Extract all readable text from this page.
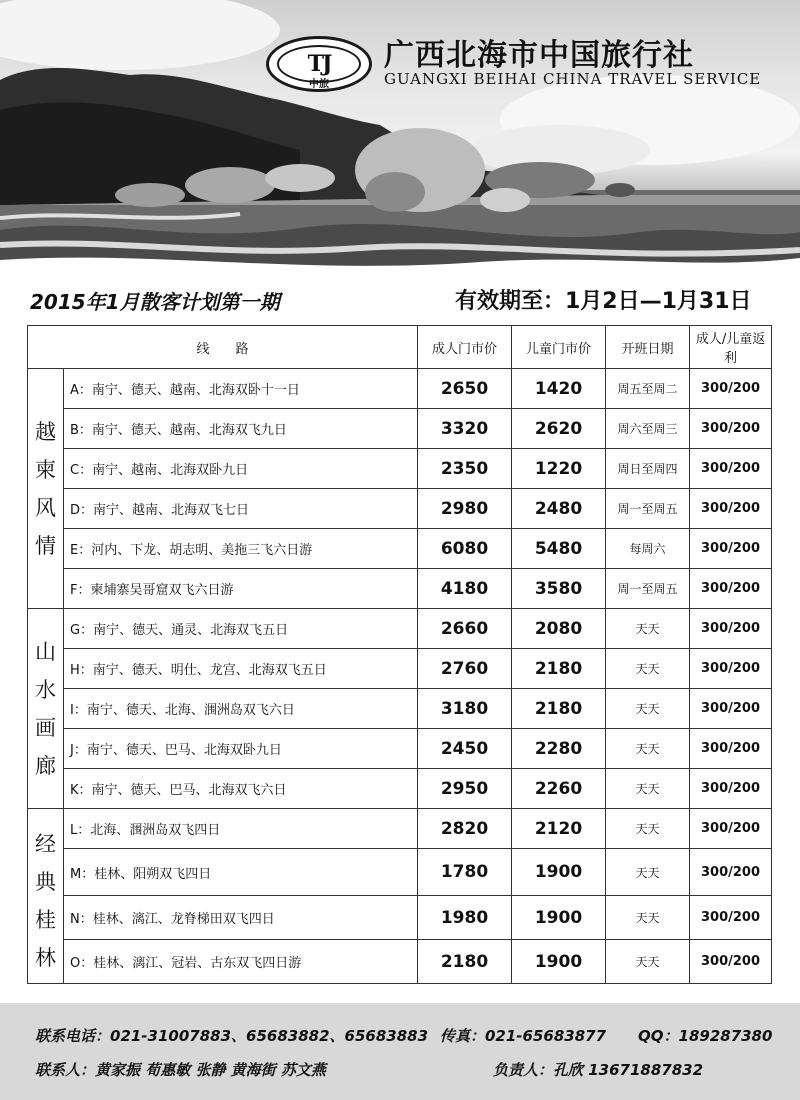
TJ
中旅
广西北海市中国旅行社
GUANGXI BEIHAI CHINA TRAVEL SERVICE
2015年1月散客计划第一期	有效期至：1月2日—1月31日
线　　路		成人门市价	儿童门市价	开班日期	成人/儿童返利

越
柬
风
情	A：南宁、德天、越南、北海双卧十一日	2650	1420	周五至周二	300/200
	B：南宁、德天、越南、北海双飞九日	3320	2620	周六至周三	300/200
	C：南宁、越南、北海双卧九日	2350	1220	周日至周四	300/200
	D：南宁、越南、北海双飞七日	2980	2480	周一至周五	300/200
	E：河内、下龙、胡志明、美拖三飞六日游	6080	5480	每周六	300/200
	F：柬埔寨吴哥窟双飞六日游	4180	3580	周一至周五	300/200

山
水
画
廊	G：南宁、德天、通灵、北海双飞五日	2660	2080	天天	300/200
	H：南宁、德天、明仕、龙宫、北海双飞五日	2760	2180	天天	300/200
	I：南宁、德天、北海、涠洲岛双飞六日	3180	2180	天天	300/200
	J：南宁、德天、巴马、北海双卧九日	2450	2280	天天	300/200
	K：南宁、德天、巴马、北海双飞六日	2950	2260	天天	300/200

经
典
桂
林	L：北海、涠洲岛双飞四日	2820	2120	天天	300/200
	M：桂林、阳朔双飞四日	1780	1900	天天	300/200
	N：桂林、漓江、龙脊梯田双飞四日	1980	1900	天天	300/200
	O：桂林、漓江、冠岩、古东双飞四日游	2180	1900	天天	300/200
联系电话：021-31007883、65683882、65683883 传真：021-65683877 QQ：189287380
联系人：黄家振 荀惠敏 张静 黄海街 苏文燕	负责人：孔欣 13671887832
